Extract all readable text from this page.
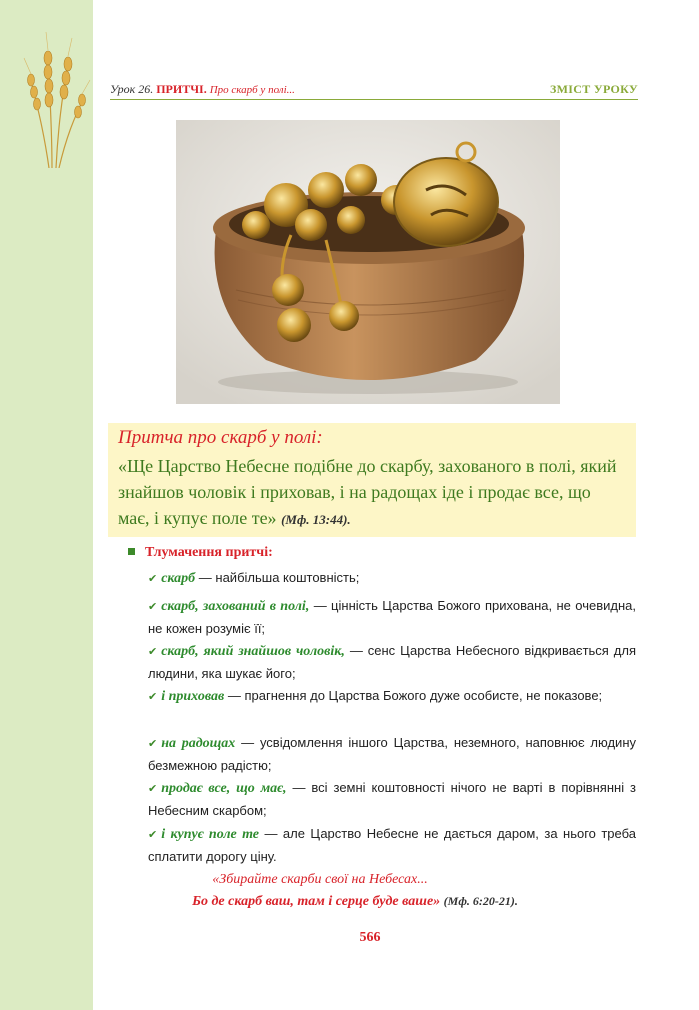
Урок 26. ПРИТЧІ. Про скарб у полі...	ЗМІСТ УРОКУ
Притча про скарб у полі:
«Ще Царство Небесне подібне до скарбу, захованого в полі, який знайшов чоловік і приховав, і на радощах іде і продає все, що має, і купує поле те» (Мф. 13:44).
Тлумачення притчі:
✔ скарб — найбільша коштовність;
✔ скарб, захований в полі, — цінність Царства Божого прихована, не очевидна, не кожен розуміє її;
✔ скарб, який знайшов чоловік, — сенс Царства Небесного відкривається для людини, яка шукає його;
✔ і приховав — прагнення до Царства Божого дуже особисте, не показове;
✔ на радощах — усвідомлення іншого Царства, неземного, наповнює людину безмежною радістю;
✔ продає все, що має, — всі земні коштовності нічого не варті в порівнянні з Небесним скарбом;
✔ і купує поле те — але Царство Небесне не дається даром, за нього треба сплатити дорогу ціну.
«Збирайте скарби свої на Небесах...
Бо де скарб ваш, там і серце буде ваше» (Мф. 6:20-21).
566
